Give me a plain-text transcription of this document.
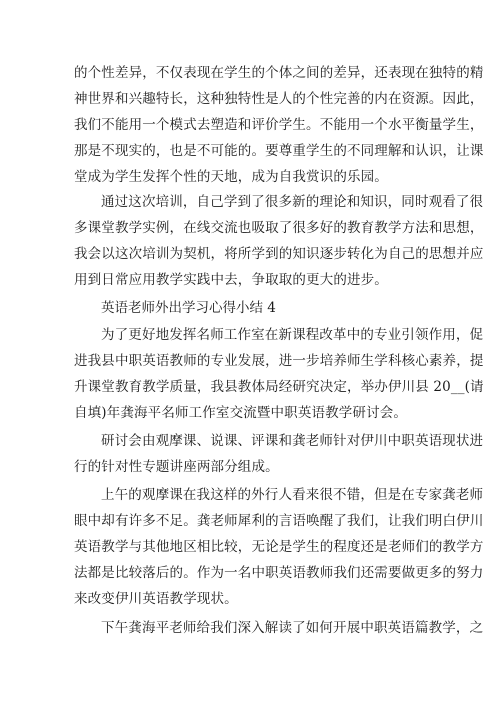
的个性差异，不仅表现在学生的个体之间的差异，还表现在独特的精
神世界和兴趣特长，这种独特性是人的个性完善的内在资源。因此，
我们不能用一个模式去塑造和评价学生。不能用一个水平衡量学生，
那是不现实的，也是不可能的。要尊重学生的不同理解和认识，让课
堂成为学生发挥个性的天地，成为自我赏识的乐园。

通过这次培训，自己学到了很多新的理论和知识，同时观看了很
多课堂教学实例，在线交流也吸取了很多好的教育教学方法和思想，
我会以这次培训为契机，将所学到的知识逐步转化为自己的思想并应
用到日常应用教学实践中去，争取取的更大的进步。

英语老师外出学习心得小结 4

为了更好地发挥名师工作室在新课程改革中的专业引领作用，促
进我县中职英语教师的专业发展，进一步培养师生学科核心素养，提
升课堂教育教学质量，我县教体局经研究决定，举办伊川县 20__(请
自填)年龚海平名师工作室交流暨中职英语教学研讨会。

研讨会由观摩课、说课、评课和龚老师针对伊川中职英语现状进
行的针对性专题讲座两部分组成。

上午的观摩课在我这样的外行人看来很不错，但是在专家龚老师
眼中却有许多不足。龚老师犀利的言语唤醒了我们，让我们明白伊川
英语教学与其他地区相比较，无论是学生的程度还是老师们的教学方
法都是比较落后的。作为一名中职英语教师我们还需要做更多的努力
来改变伊川英语教学现状。

下午龚海平老师给我们深入解读了如何开展中职英语篇教学，之
